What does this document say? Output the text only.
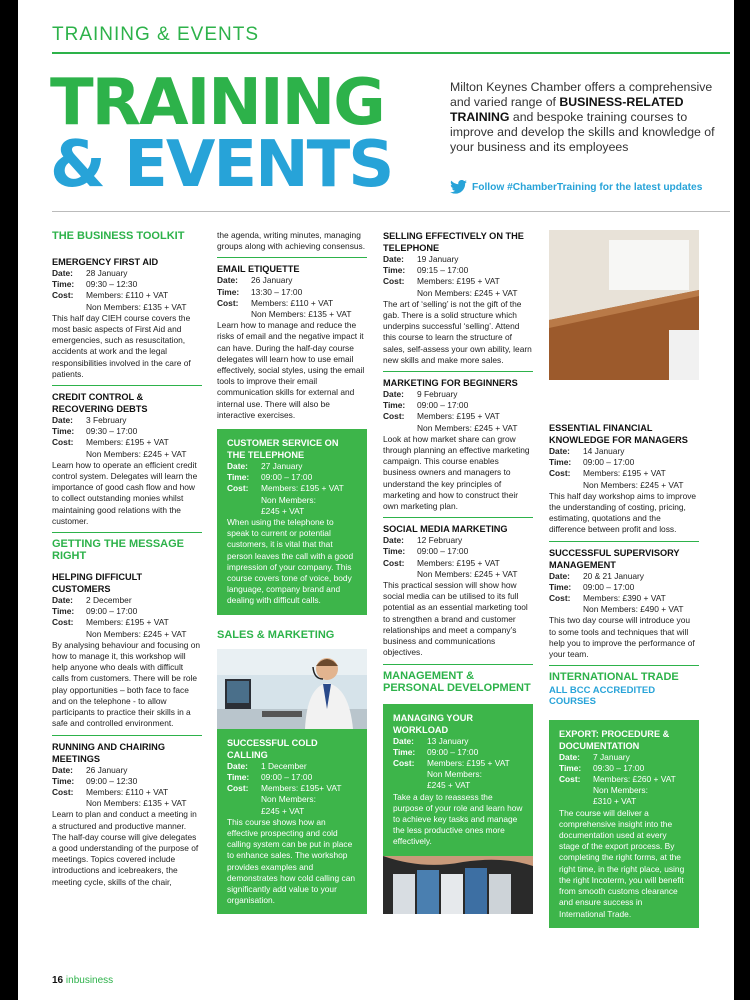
TRAINING & EVENTS
TRAINING
& EVENTS
Milton Keynes Chamber offers a comprehensive and varied range of BUSINESS-RELATED TRAINING and bespoke training courses to improve and develop the skills and knowledge of your business and its employees
Follow #ChamberTraining for the latest updates
THE BUSINESS TOOLKIT
EMERGENCY FIRST AID
Date:	28 January
Time:	09:30 – 12:30
Cost:	Members: £110 + VAT
Non Members: £135 + VAT
This half day CIEH course covers the most basic aspects of First Aid and emergencies, such as resuscitation, accidents at work and the legal responsibilities involved in the care of patients.
CREDIT CONTROL & RECOVERING DEBTS
Date:	3 February
Time:	09:30 – 17:00
Cost:	Members: £195 + VAT
Non Members: £245 + VAT
Learn how to operate an efficient credit control system. Delegates will learn the importance of good cash flow and how to collect outstanding monies whilst maintaining good relations with the customer.
GETTING THE MESSAGE RIGHT
HELPING DIFFICULT CUSTOMERS
Date:	2 December
Time:	09:00 – 17:00
Cost:	Members: £195 + VAT
Non Members: £245 + VAT
By analysing behaviour and focusing on how to manage it, this workshop will help anyone who deals with difficult calls from customers. There will be role play opportunities – both face to face and on the telephone - to allow participants to practice their skills in a safe and controlled environment.
RUNNING AND CHAIRING MEETINGS
Date:	26 January
Time:	09:00 – 12:30
Cost:	Members: £110 + VAT
Non Members: £135 + VAT
Learn to plan and conduct a meeting in a structured and productive manner. The half-day course will give delegates a good understanding of the purpose of meetings. Topics covered include introductions and icebreakers, the meeting cycle, skills of the chair,
the agenda, writing minutes, managing groups along with achieving consensus.
EMAIL ETIQUETTE
Date:	26 January
Time:	13:30 – 17:00
Cost:	Members: £110 + VAT
Non Members: £135 + VAT
Learn how to manage and reduce the risks of email and the negative impact it can have. During the half-day course delegates will learn how to use email effectively, social styles, using the email tools to improve their email communication skills for external and internal use. There will also be interactive exercises.
CUSTOMER SERVICE ON THE TELEPHONE
Date:	27 January
Time:	09:00 – 17:00
Cost:	Members: £195 + VAT
Non Members:
£245 + VAT
When using the telephone to speak to current or potential customers, it is vital that that person leaves the call with a good impression of your company. This course covers tone of voice, body language, company brand and dealing with difficult calls.
SALES & MARKETING
SUCCESSFUL COLD CALLING
Date:	1 December
Time:	09:00 – 17:00
Cost:	Members: £195+ VAT
Non Members:
£245 + VAT
This course shows how an effective prospecting and cold calling system can be put in place to enhance sales. The workshop provides examples and demonstrates how cold calling can significantly add value to your organisation.
SELLING EFFECTIVELY ON THE TELEPHONE
Date:	19 January
Time:	09:15 – 17:00
Cost:	Members: £195 + VAT
Non Members: £245 + VAT
The art of ‘selling’ is not the gift of the gab. There is a solid structure which underpins successful ‘selling’. Attend this course to learn the structure of sales, self-assess your own ability, learn new skills and make more sales.
MARKETING FOR BEGINNERS
Date:	9 February
Time:	09:00 – 17:00
Cost:	Members: £195 + VAT
Non Members: £245 + VAT
Look at how market share can grow through planning an effective marketing campaign. This course enables business owners and managers to understand the key principles of marketing and how to construct their own marketing plan.
SOCIAL MEDIA MARKETING
Date:	12 February
Time:	09:00 – 17:00
Cost:	Members: £195 + VAT
Non Members: £245 + VAT
This practical session will show how social media can be utilised to its full potential as an essential marketing tool to strengthen a brand and customer relationships and meet a company’s business and communications objectives.
MANAGEMENT & PERSONAL DEVELOPMENT
MANAGING YOUR WORKLOAD
Date:	13 January
Time:	09:00 – 17:00
Cost:	Members: £195 + VAT
Non Members:
£245 + VAT
Take a day to reassess the purpose of your role and learn how to achieve key tasks and manage the less productive ones more effectively.
ESSENTIAL FINANCIAL KNOWLEDGE FOR MANAGERS
Date:	14 January
Time:	09:00 – 17:00
Cost:	Members: £195 + VAT
Non Members: £245 + VAT
This half day workshop aims to improve the understanding of costing, pricing, estimating, quotations and the difference between profit and loss.
SUCCESSFUL SUPERVISORY MANAGEMENT
Date:	20 & 21 January
Time:	09:00 – 17:00
Cost:	Members: £390 + VAT
Non Members: £490 + VAT
This two day course will introduce you to some tools and techniques that will help you to improve the performance of your team.
INTERNATIONAL TRADE
ALL BCC ACCREDITED COURSES
EXPORT: PROCEDURE & DOCUMENTATION
Date:	7 January
Time:	09:30 – 17:00
Cost:	Members: £260 + VAT
Non Members:
£310 + VAT
The course will deliver a comprehensive insight into the documentation used at every stage of the export process. By completing the right forms, at the right time, in the right place, using the right Incoterm, you will benefit from smooth customs clearance and ensure success in International Trade.
16 inbusiness
